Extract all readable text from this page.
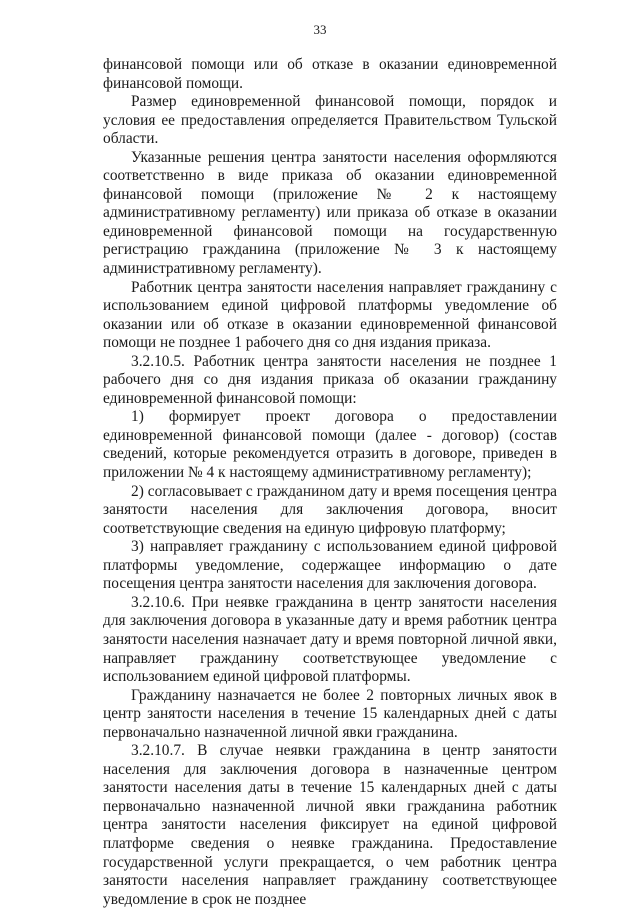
33

финансовой помощи или об отказе в оказании единовременной финансовой помощи.

Размер единовременной финансовой помощи, порядок и условия ее предоставления определяется Правительством Тульской области.

Указанные решения центра занятости населения оформляются соответственно в виде приказа об оказании единовременной финансовой помощи (приложение № 2 к настоящему административному регламенту) или приказа об отказе в оказании единовременной финансовой помощи на государственную регистрацию гражданина (приложение № 3 к настоящему административному регламенту).

Работник центра занятости населения направляет гражданину с использованием единой цифровой платформы уведомление об оказании или об отказе в оказании единовременной финансовой помощи не позднее 1 рабочего дня со дня издания приказа.

3.2.10.5. Работник центра занятости населения не позднее 1 рабочего дня со дня издания приказа об оказании гражданину единовременной финансовой помощи:

1) формирует проект договора о предоставлении единовременной финансовой помощи (далее - договор) (состав сведений, которые рекомендуется отразить в договоре, приведен в приложении № 4 к настоящему административному регламенту);

2) согласовывает с гражданином дату и время посещения центра занятости населения для заключения договора, вносит соответствующие сведения на единую цифровую платформу;

3) направляет гражданину с использованием единой цифровой платформы уведомление, содержащее информацию о дате посещения центра занятости населения для заключения договора.

3.2.10.6. При неявке гражданина в центр занятости населения для заключения договора в указанные дату и время работник центра занятости населения назначает дату и время повторной личной явки, направляет гражданину соответствующее уведомление с использованием единой цифровой платформы.

Гражданину назначается не более 2 повторных личных явок в центр занятости населения в течение 15 календарных дней с даты первоначально назначенной личной явки гражданина.

3.2.10.7. В случае неявки гражданина в центр занятости населения для заключения договора в назначенные центром занятости населения даты в течение 15 календарных дней с даты первоначально назначенной личной явки гражданина работник центра занятости населения фиксирует на единой цифровой платформе сведения о неявке гражданина. Предоставление государственной услуги прекращается, о чем работник центра занятости населения направляет гражданину соответствующее уведомление в срок не позднее
